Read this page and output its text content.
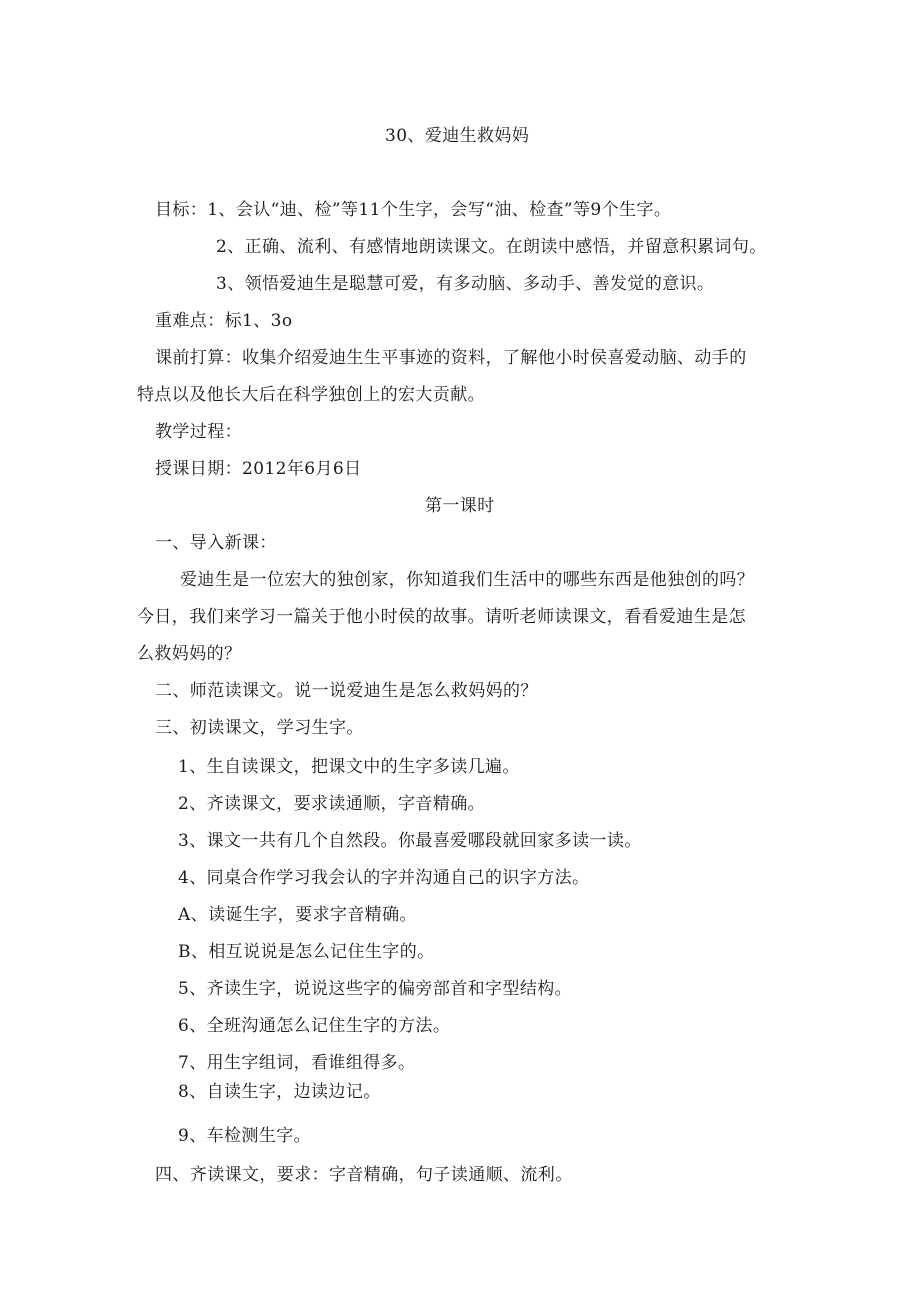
30、爱迪生救妈妈
目标：1、会认“迪、检”等11个生字，会写“油、检查”等9个生字。
2、正确、流利、有感情地朗读课文。在朗读中感悟，并留意积累词句。
3、领悟爱迪生是聪慧可爱，有多动脑、多动手、善发觉的意识。
重难点：标1、3o
课前打算：收集介绍爱迪生生平事迹的资料，了解他小时侯喜爱动脑、动手的
特点以及他长大后在科学独创上的宏大贡献。
教学过程：
授课日期：2012年6月6日
第一课时
一、导入新课：
爱迪生是一位宏大的独创家，你知道我们生活中的哪些东西是他独创的吗？
今日，我们来学习一篇关于他小时侯的故事。请听老师读课文，看看爱迪生是怎
么救妈妈的？
二、师范读课文。说一说爱迪生是怎么救妈妈的？
三、初读课文，学习生字。
1、生自读课文，把课文中的生字多读几遍。
2、齐读课文，要求读通顺，字音精确。
3、课文一共有几个自然段。你最喜爱哪段就回家多读一读。
4、同桌合作学习我会认的字并沟通自己的识字方法。
A、读诞生字，要求字音精确。
B、相互说说是怎么记住生字的。
5、齐读生字，说说这些字的偏旁部首和字型结构。
6、全班沟通怎么记住生字的方法。
7、用生字组词，看谁组得多。
8、自读生字，边读边记。
9、车检测生字。
四、齐读课文，要求：字音精确，句子读通顺、流利。
